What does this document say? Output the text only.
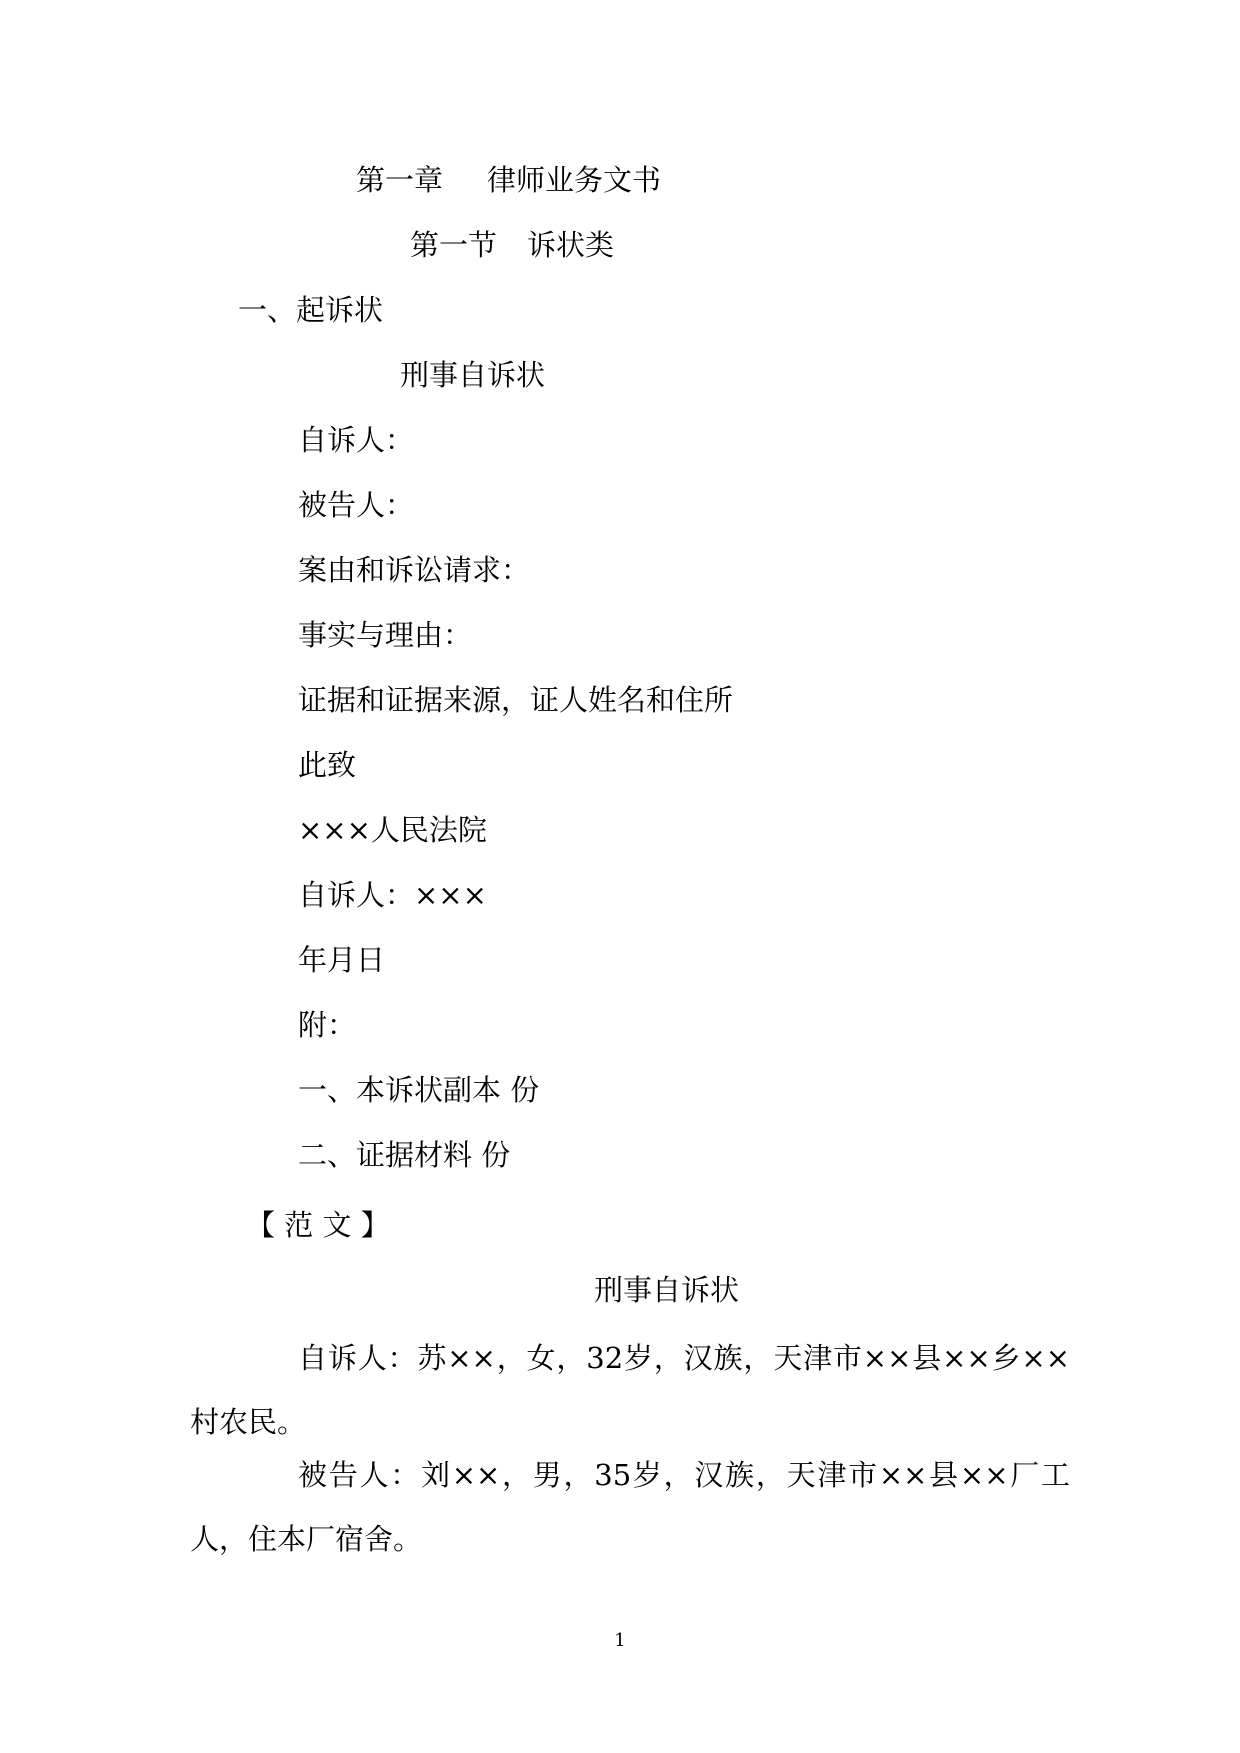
第一章 律师业务文书
第一节 诉状类
一、起诉状
刑事自诉状
自诉人：
被告人：
案由和诉讼请求：
事实与理由：
证据和证据来源，证人姓名和住所
此致
×××人民法院
自诉人：×××
年月日
附：
一、本诉状副本 份
二、证据材料 份
【 范 文 】
刑事自诉状
自诉人：苏××，女，32岁，汉族，天津市××县××乡××村农民。
被告人：刘××，男，35岁，汉族，天津市××县××厂工人，住本厂宿舍。
1
